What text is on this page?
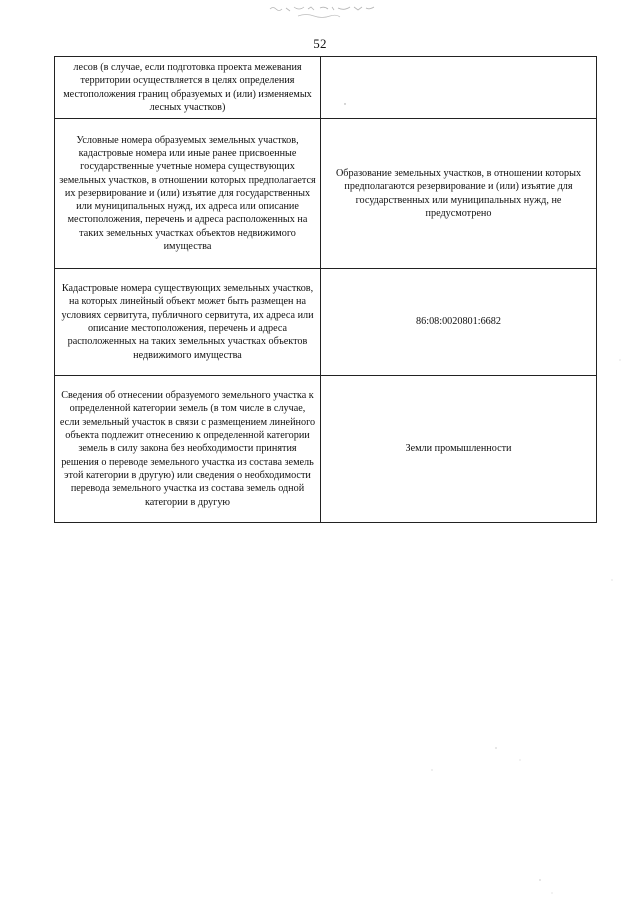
52
лесов (в случае, если подготовка проекта межевания территории осуществляется в целях определения местоположения границ образуемых и (или) изменяемых лесных участков)	
Условные номера образуемых земельных участков, кадастровые номера или иные ранее присвоенные государственные учетные номера существующих земельных участков, в отношении которых предполагается их резервирование и (или) изъятие для государственных или муниципальных нужд, их адреса или описание местоположения, перечень и адреса расположенных на таких земельных участках объектов недвижимого имущества	Образование земельных участков, в отношении которых предполагаются резервирование и (или) изъятие для государственных или муниципальных нужд, не предусмотрено
Кадастровые номера существующих земельных участков, на которых линейный объект может быть размещен на условиях сервитута, публичного сервитута, их адреса или описание местоположения, перечень и адреса расположенных на таких земельных участках объектов недвижимого имущества	86:08:0020801:6682
Сведения об отнесении образуемого земельного участка к определенной категории земель (в том числе в случае, если земельный участок в связи с размещением линейного объекта подлежит отнесению к определенной категории земель в силу закона без необходимости принятия решения о переводе земельного участка из состава земель этой категории в другую) или сведения о необходимости перевода земельного участка из состава земель одной категории в другую	Земли промышленности
